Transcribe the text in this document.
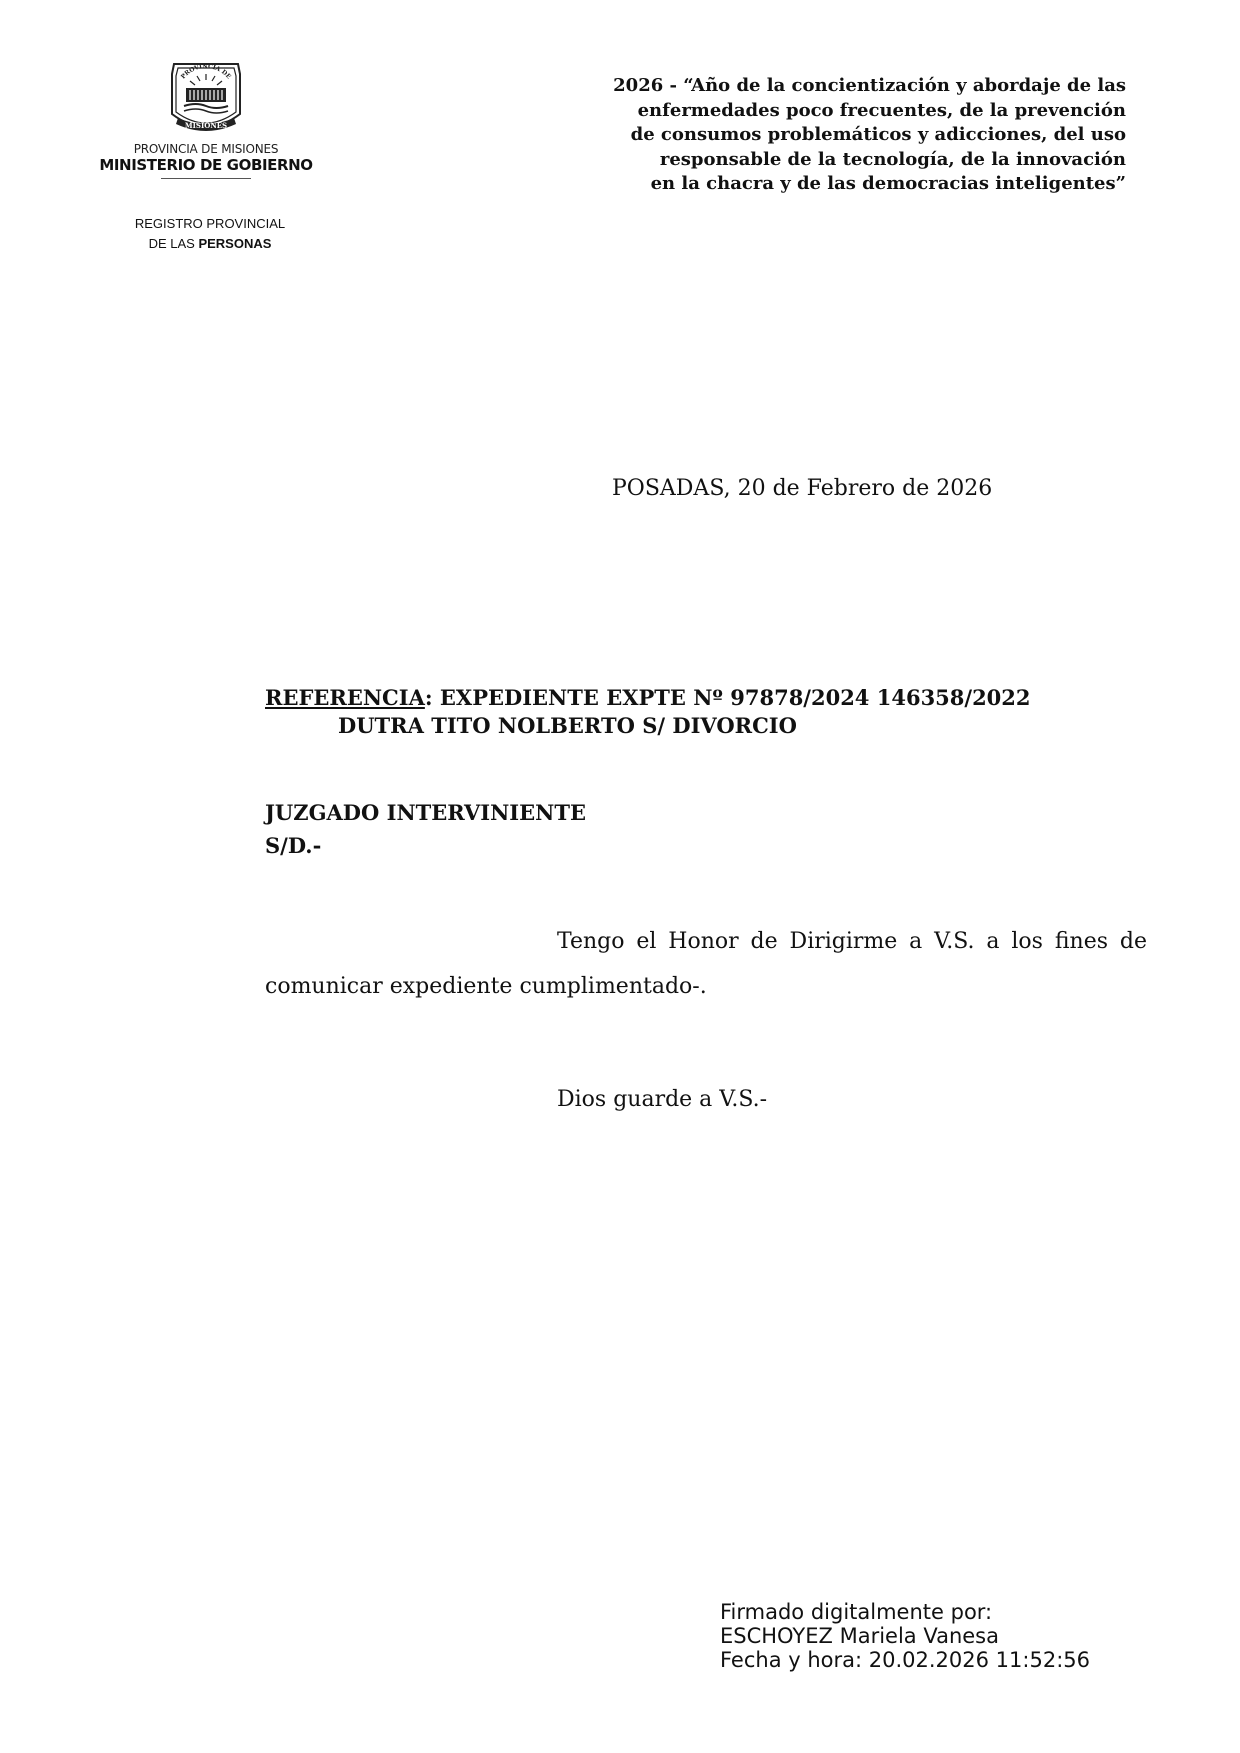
MISIONES
PROVINCIA DE
PROVINCIA DE MISIONES
MINISTERIO DE GOBIERNO
REGISTRO PROVINCIAL
DE LAS PERSONAS
2026 - “Año de la concientización y abordaje de las
enfermedades poco frecuentes, de la prevención
de consumos problemáticos y adicciones, del uso
responsable de la tecnología, de la innovación
en la chacra y de las democracias inteligentes”
POSADAS, 20 de Febrero de 2026
REFERENCIA: EXPEDIENTE EXPTE Nº 97878/2024 146358/2022
DUTRA TITO NOLBERTO S/ DIVORCIO
JUZGADO INTERVINIENTE
S/D.-

Tengo el Honor de Dirigirme a V.S. a los fines de comunicar expediente cumplimentado-.

Dios guarde a V.S.-
Firmado digitalmente por:
ESCHOYEZ Mariela Vanesa
Fecha y hora: 20.02.2026 11:52:56
